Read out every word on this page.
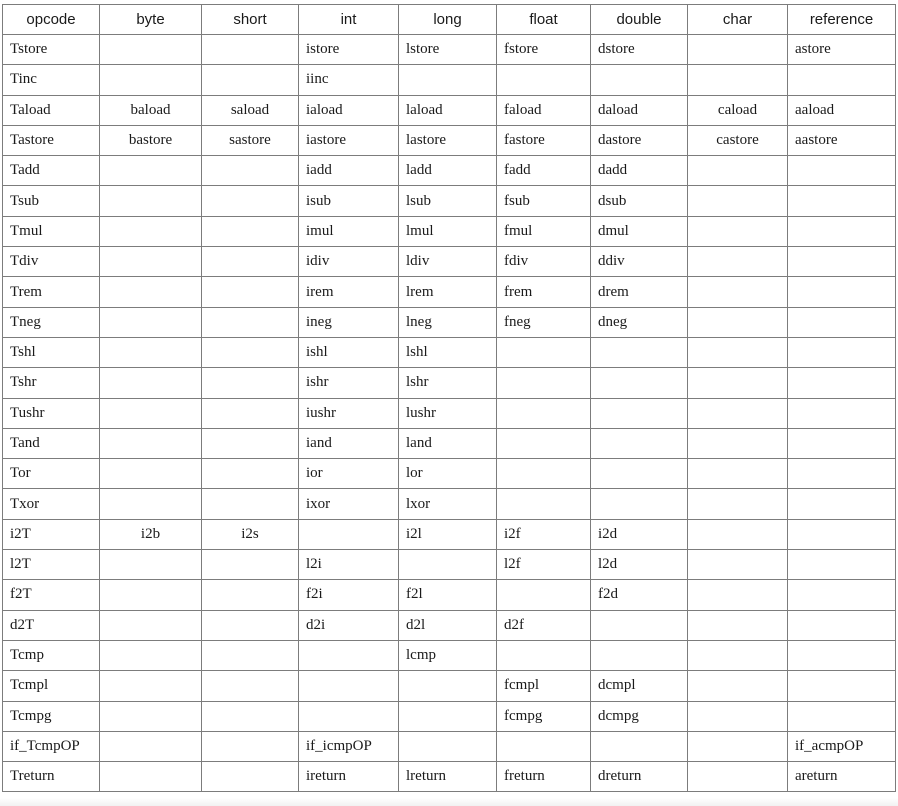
opcode	byte	short	int	long	float	double	char	reference
Tstore			istore	lstore	fstore	dstore		astore
Tinc			iinc					
Taload	baload	saload	iaload	laload	faload	daload	caload	aaload
Tastore	bastore	sastore	iastore	lastore	fastore	dastore	castore	aastore
Tadd			iadd	ladd	fadd	dadd		
Tsub			isub	lsub	fsub	dsub		
Tmul			imul	lmul	fmul	dmul		
Tdiv			idiv	ldiv	fdiv	ddiv		
Trem			irem	lrem	frem	drem		
Tneg			ineg	lneg	fneg	dneg		
Tshl			ishl	lshl				
Tshr			ishr	lshr				
Tushr			iushr	lushr				
Tand			iand	land				
Tor			ior	lor				
Txor			ixor	lxor				
i2T	i2b	i2s		i2l	i2f	i2d		
l2T			l2i		l2f	l2d		
f2T			f2i	f2l		f2d		
d2T			d2i	d2l	d2f			
Tcmp				lcmp				
Tcmpl					fcmpl	dcmpl		
Tcmpg					fcmpg	dcmpg		
if_TcmpOP			if_icmpOP					if_acmpOP
Treturn			ireturn	lreturn	freturn	dreturn		areturn
